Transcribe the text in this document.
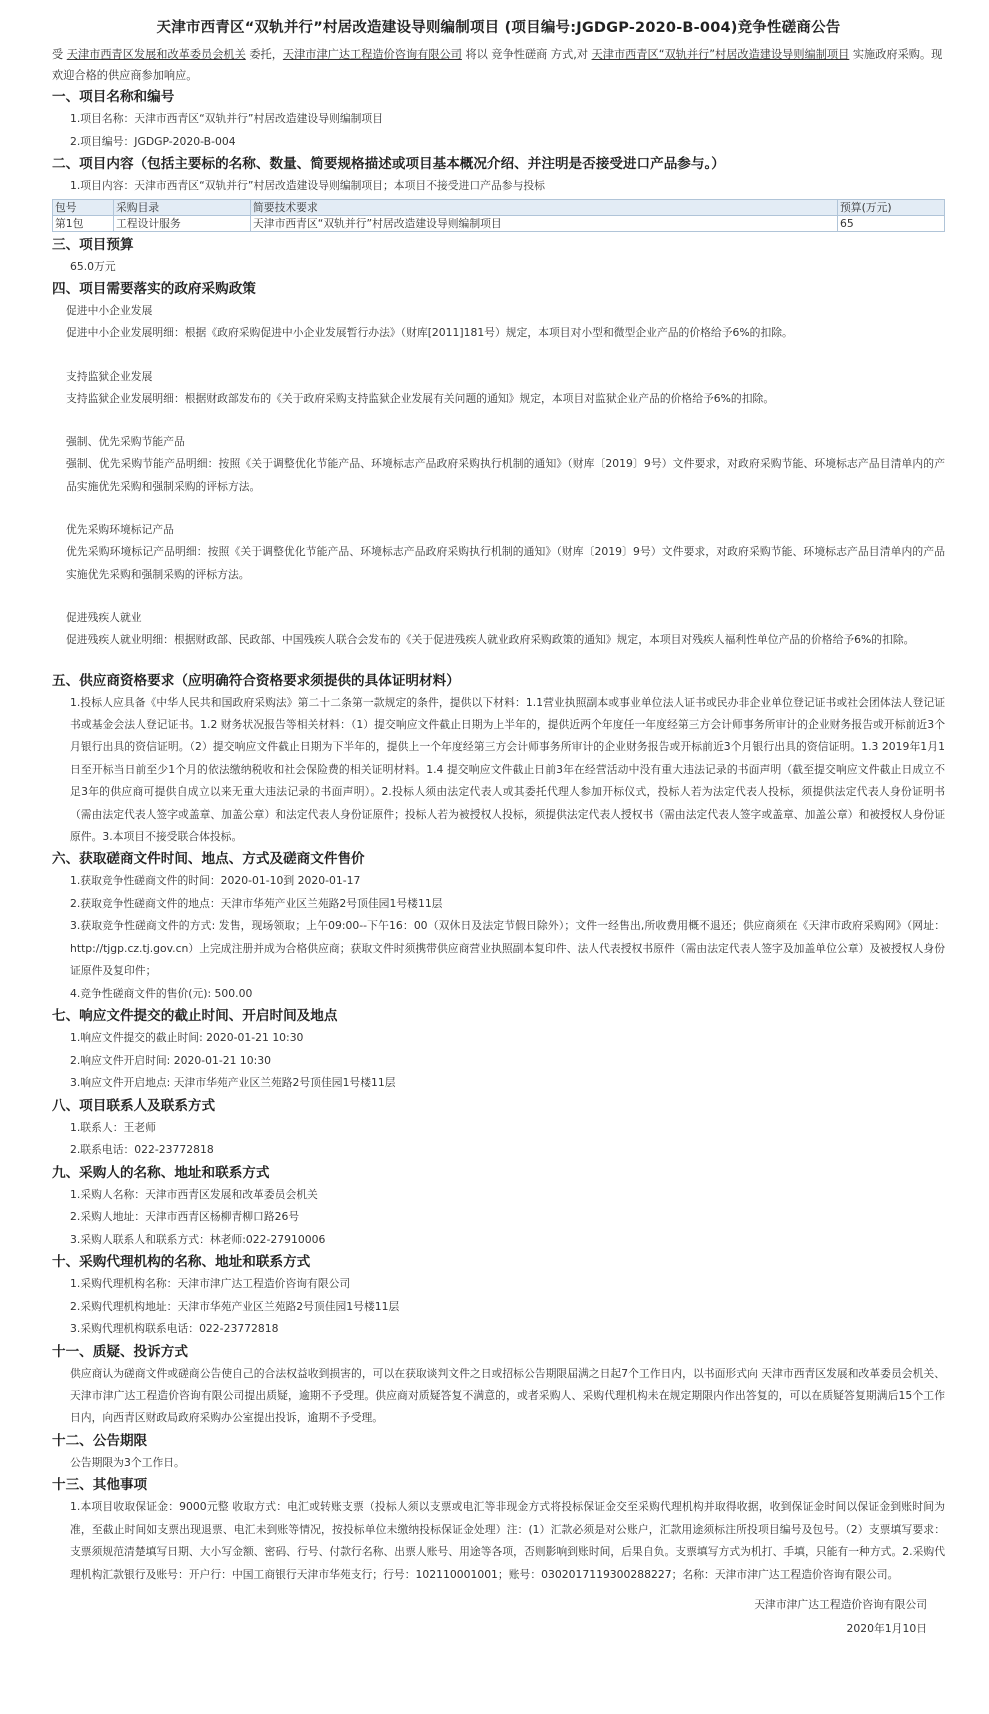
天津市西青区“双轨并行”村居改造建设导则编制项目 (项目编号:JGDGP-2020-B-004)竞争性磋商公告
受 天津市西青区发展和改革委员会机关 委托，天津市津广达工程造价咨询有限公司 将以 竞争性磋商 方式,对 天津市西青区“双轨并行”村居改造建设导则编制项目 实施政府采购。现欢迎合格的供应商参加响应。
一、项目名称和编号
1.项目名称：天津市西青区“双轨并行”村居改造建设导则编制项目
2.项目编号：JGDGP-2020-B-004
二、项目内容（包括主要标的名称、数量、简要规格描述或项目基本概况介绍、并注明是否接受进口产品参与。）
1.项目内容：天津市西青区“双轨并行”村居改造建设导则编制项目；本项目不接受进口产品参与投标
包号	采购目录	简要技术要求	预算(万元)
第1包	工程设计服务	天津市西青区“双轨并行”村居改造建设导则编制项目	65
三、项目预算
65.0万元
四、项目需要落实的政府采购政策
促进中小企业发展
促进中小企业发展明细：根据《政府采购促进中小企业发展暂行办法》（财库[2011]181号）规定，本项目对小型和微型企业产品的价格给予6%的扣除。
支持监狱企业发展
支持监狱企业发展明细：根据财政部发布的《关于政府采购支持监狱企业发展有关问题的通知》规定，本项目对监狱企业产品的价格给予6%的扣除。
强制、优先采购节能产品
强制、优先采购节能产品明细：按照《关于调整优化节能产品、环境标志产品政府采购执行机制的通知》（财库〔2019〕9号）文件要求，对政府采购节能、环境标志产品目清单内的产品实施优先采购和强制采购的评标方法。
优先采购环境标记产品
优先采购环境标记产品明细：按照《关于调整优化节能产品、环境标志产品政府采购执行机制的通知》（财库〔2019〕9号）文件要求，对政府采购节能、环境标志产品目清单内的产品实施优先采购和强制采购的评标方法。
促进残疾人就业
促进残疾人就业明细：根据财政部、民政部、中国残疾人联合会发布的《关于促进残疾人就业政府采购政策的通知》规定，本项目对残疾人福利性单位产品的价格给予6%的扣除。
五、供应商资格要求（应明确符合资格要求须提供的具体证明材料）
1.投标人应具备《中华人民共和国政府采购法》第二十二条第一款规定的条件，提供以下材料：1.1营业执照副本或事业单位法人证书或民办非企业单位登记证书或社会团体法人登记证书或基金会法人登记证书。1.2 财务状况报告等相关材料：（1）提交响应文件截止日期为上半年的，提供近两个年度任一年度经第三方会计师事务所审计的企业财务报告或开标前近3个月银行出具的资信证明。（2）提交响应文件截止日期为下半年的，提供上一个年度经第三方会计师事务所审计的企业财务报告或开标前近3个月银行出具的资信证明。1.3 2019年1月1日至开标当日前至少1个月的依法缴纳税收和社会保险费的相关证明材料。1.4 提交响应文件截止日前3年在经营活动中没有重大违法记录的书面声明（截至提交响应文件截止日成立不足3年的供应商可提供自成立以来无重大违法记录的书面声明）。2.投标人须由法定代表人或其委托代理人参加开标仪式，投标人若为法定代表人投标，须提供法定代表人身份证明书（需由法定代表人签字或盖章、加盖公章）和法定代表人身份证原件；投标人若为被授权人投标，须提供法定代表人授权书（需由法定代表人签字或盖章、加盖公章）和被授权人身份证原件。3.本项目不接受联合体投标。
六、获取磋商文件时间、地点、方式及磋商文件售价
1.获取竞争性磋商文件的时间：2020-01-10到 2020-01-17
2.获取竞争性磋商文件的地点：天津市华苑产业区兰苑路2号顶佳园1号楼11层
3.获取竞争性磋商文件的方式: 发售，现场领取；上午09:00--下午16：00（双休日及法定节假日除外）；文件一经售出,所收费用概不退还；供应商须在《天津市政府采购网》（网址：http://tjgp.cz.tj.gov.cn）上完成注册并成为合格供应商；获取文件时须携带供应商营业执照副本复印件、法人代表授权书原件（需由法定代表人签字及加盖单位公章）及被授权人身份证原件及复印件；
4.竞争性磋商文件的售价(元): 500.00
七、响应文件提交的截止时间、开启时间及地点
1.响应文件提交的截止时间: 2020-01-21 10:30
2.响应文件开启时间: 2020-01-21 10:30
3.响应文件开启地点: 天津市华苑产业区兰苑路2号顶佳园1号楼11层
八、项目联系人及联系方式
1.联系人：王老师
2.联系电话：022-23772818
九、采购人的名称、地址和联系方式
1.采购人名称：天津市西青区发展和改革委员会机关
2.采购人地址：天津市西青区杨柳青柳口路26号
3.采购人联系人和联系方式：林老师:022-27910006
十、采购代理机构的名称、地址和联系方式
1.采购代理机构名称：天津市津广达工程造价咨询有限公司
2.采购代理机构地址：天津市华苑产业区兰苑路2号顶佳园1号楼11层
3.采购代理机构联系电话：022-23772818
十一、质疑、投诉方式
供应商认为磋商文件或磋商公告使自己的合法权益收到损害的，可以在获取谈判文件之日或招标公告期限届满之日起7个工作日内，以书面形式向 天津市西青区发展和改革委员会机关、天津市津广达工程造价咨询有限公司提出质疑，逾期不予受理。供应商对质疑答复不满意的，或者采购人、采购代理机构未在规定期限内作出答复的，可以在质疑答复期满后15个工作日内，向西青区财政局政府采购办公室提出投诉，逾期不予受理。
十二、公告期限
公告期限为3个工作日。
十三、其他事项
1.本项目收取保证金：9000元整 收取方式：电汇或转账支票（投标人须以支票或电汇等非现金方式将投标保证金交至采购代理机构并取得收据，收到保证金时间以保证金到账时间为准，至截止时间如支票出现退票、电汇未到账等情况，按投标单位未缴纳投标保证金处理）注：(1）汇款必须是对公账户，汇款用途须标注所投项目编号及包号。（2）支票填写要求：支票须规范清楚填写日期、大小写金额、密码、行号、付款行名称、出票人账号、用途等各项，否则影响到账时间，后果自负。支票填写方式为机打、手填，只能有一种方式。2.采购代理机构汇款银行及账号：开户行：中国工商银行天津市华苑支行；行号：102110001001；账号：0302017119300288227；名称：天津市津广达工程造价咨询有限公司。
天津市津广达工程造价咨询有限公司
2020年1月10日
